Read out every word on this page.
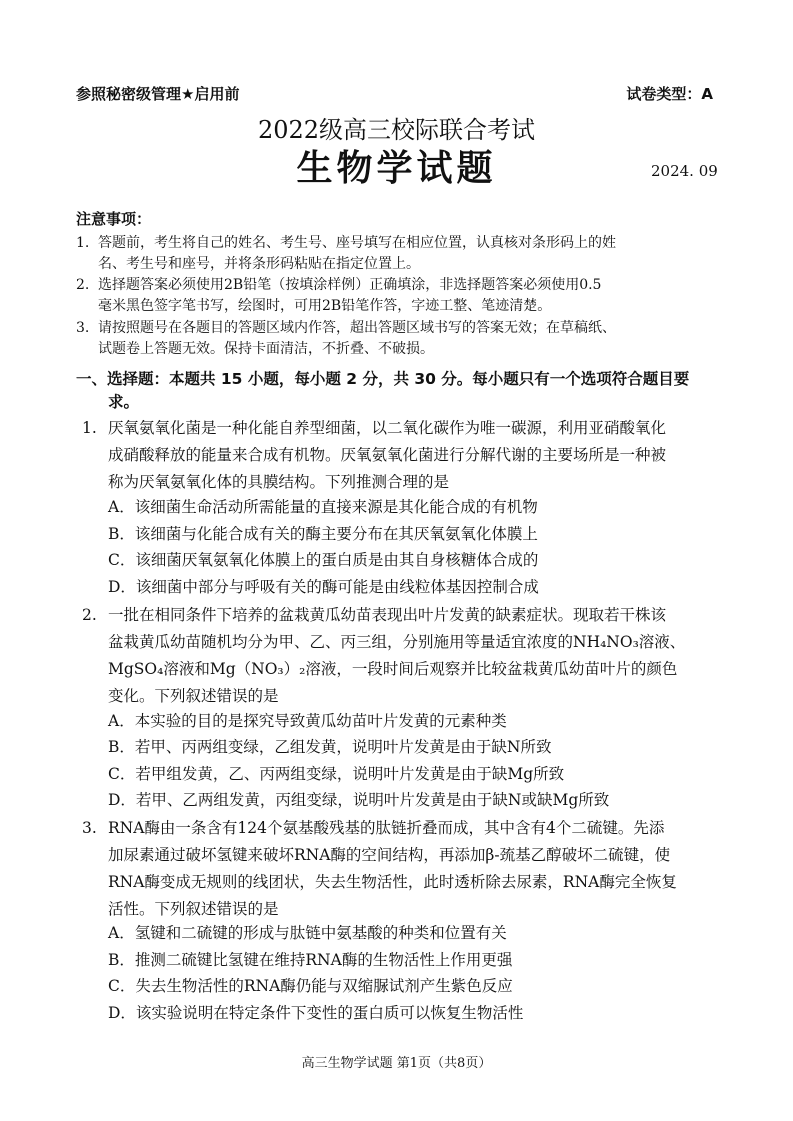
参照秘密级管理★启用前	试卷类型：A
2022级高三校际联合考试
生物学试题	2024. 09
注意事项：
1. 答题前，考生将自己的姓名、考生号、座号填写在相应位置，认真核对条形码上的姓
名、考生号和座号，并将条形码粘贴在指定位置上。
2. 选择题答案必须使用2B铅笔（按填涂样例）正确填涂，非选择题答案必须使用0.5
毫米黑色签字笔书写，绘图时，可用2B铅笔作答，字迹工整、笔迹清楚。
3. 请按照题号在各题目的答题区域内作答，超出答题区域书写的答案无效；在草稿纸、
试题卷上答题无效。保持卡面清洁，不折叠、不破损。
一、选择题：本题共 15 小题，每小题 2 分，共 30 分。每小题只有一个选项符合题目要
求。
1. 厌氧氨氧化菌是一种化能自养型细菌，以二氧化碳作为唯一碳源，利用亚硝酸氧化
成硝酸释放的能量来合成有机物。厌氧氨氧化菌进行分解代谢的主要场所是一种被
称为厌氧氨氧化体的具膜结构。下列推测合理的是
A．该细菌生命活动所需能量的直接来源是其化能合成的有机物
B．该细菌与化能合成有关的酶主要分布在其厌氧氨氧化体膜上
C．该细菌厌氧氨氧化体膜上的蛋白质是由其自身核糖体合成的
D．该细菌中部分与呼吸有关的酶可能是由线粒体基因控制合成
2. 一批在相同条件下培养的盆栽黄瓜幼苗表现出叶片发黄的缺素症状。现取若干株该
盆栽黄瓜幼苗随机均分为甲、乙、丙三组，分别施用等量适宜浓度的NH₄NO₃溶液、
MgSO₄溶液和Mg（NO₃）₂溶液，一段时间后观察并比较盆栽黄瓜幼苗叶片的颜色
变化。下列叙述错误的是
A．本实验的目的是探究导致黄瓜幼苗叶片发黄的元素种类
B．若甲、丙两组变绿，乙组发黄，说明叶片发黄是由于缺N所致
C．若甲组发黄，乙、丙两组变绿，说明叶片发黄是由于缺Mg所致
D．若甲、乙两组发黄，丙组变绿，说明叶片发黄是由于缺N或缺Mg所致
3. RNA酶由一条含有124个氨基酸残基的肽链折叠而成，其中含有4个二硫键。先添
加尿素通过破坏氢键来破坏RNA酶的空间结构，再添加β-巯基乙醇破坏二硫键，使
RNA酶变成无规则的线团状，失去生物活性，此时透析除去尿素，RNA酶完全恢复
活性。下列叙述错误的是
A．氢键和二硫键的形成与肽链中氨基酸的种类和位置有关
B．推测二硫键比氢键在维持RNA酶的生物活性上作用更强
C．失去生物活性的RNA酶仍能与双缩脲试剂产生紫色反应
D．该实验说明在特定条件下变性的蛋白质可以恢复生物活性
高三生物学试题 第1页（共8页）
